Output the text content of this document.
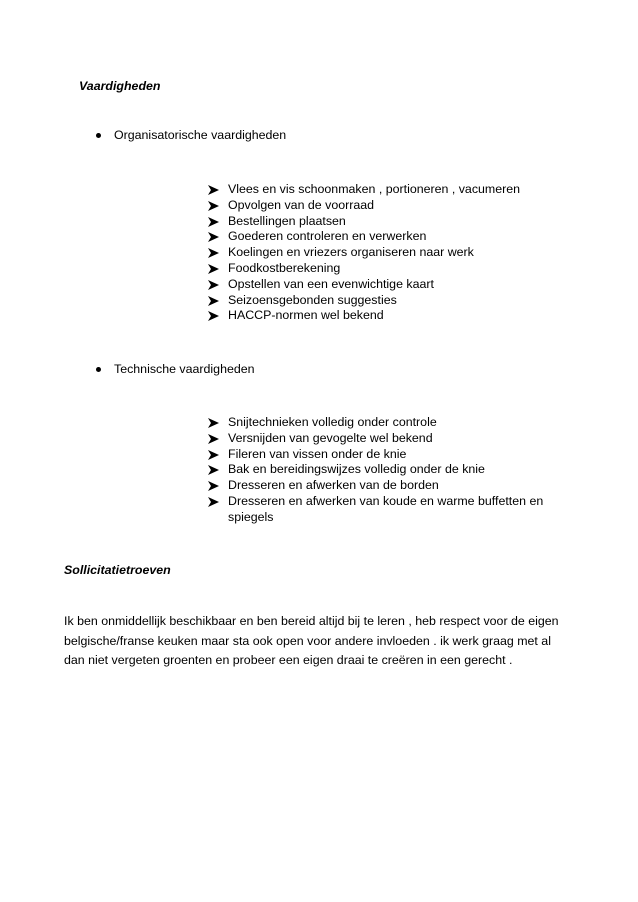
Vaardigheden
Organisatorische vaardigheden
Vlees en vis schoonmaken , portioneren , vacumeren
Opvolgen van de voorraad
Bestellingen plaatsen
Goederen controleren en verwerken
Koelingen en vriezers organiseren naar werk
Foodkostberekening
Opstellen van een evenwichtige kaart
Seizoensgebonden suggesties
HACCP-normen wel bekend
Technische vaardigheden
Snijtechnieken volledig onder controle
Versnijden van gevogelte wel bekend
Fileren van vissen onder de knie
Bak en bereidingswijzes volledig onder de knie
Dresseren en afwerken van de borden
Dresseren en afwerken van koude en warme buffetten en spiegels
Sollicitatietroeven

Ik ben onmiddellijk beschikbaar en ben bereid altijd bij te leren , heb respect voor de eigen belgische/franse keuken maar sta ook open voor andere invloeden . ik werk graag met al dan niet vergeten groenten en probeer een eigen draai te creëren in een gerecht .
